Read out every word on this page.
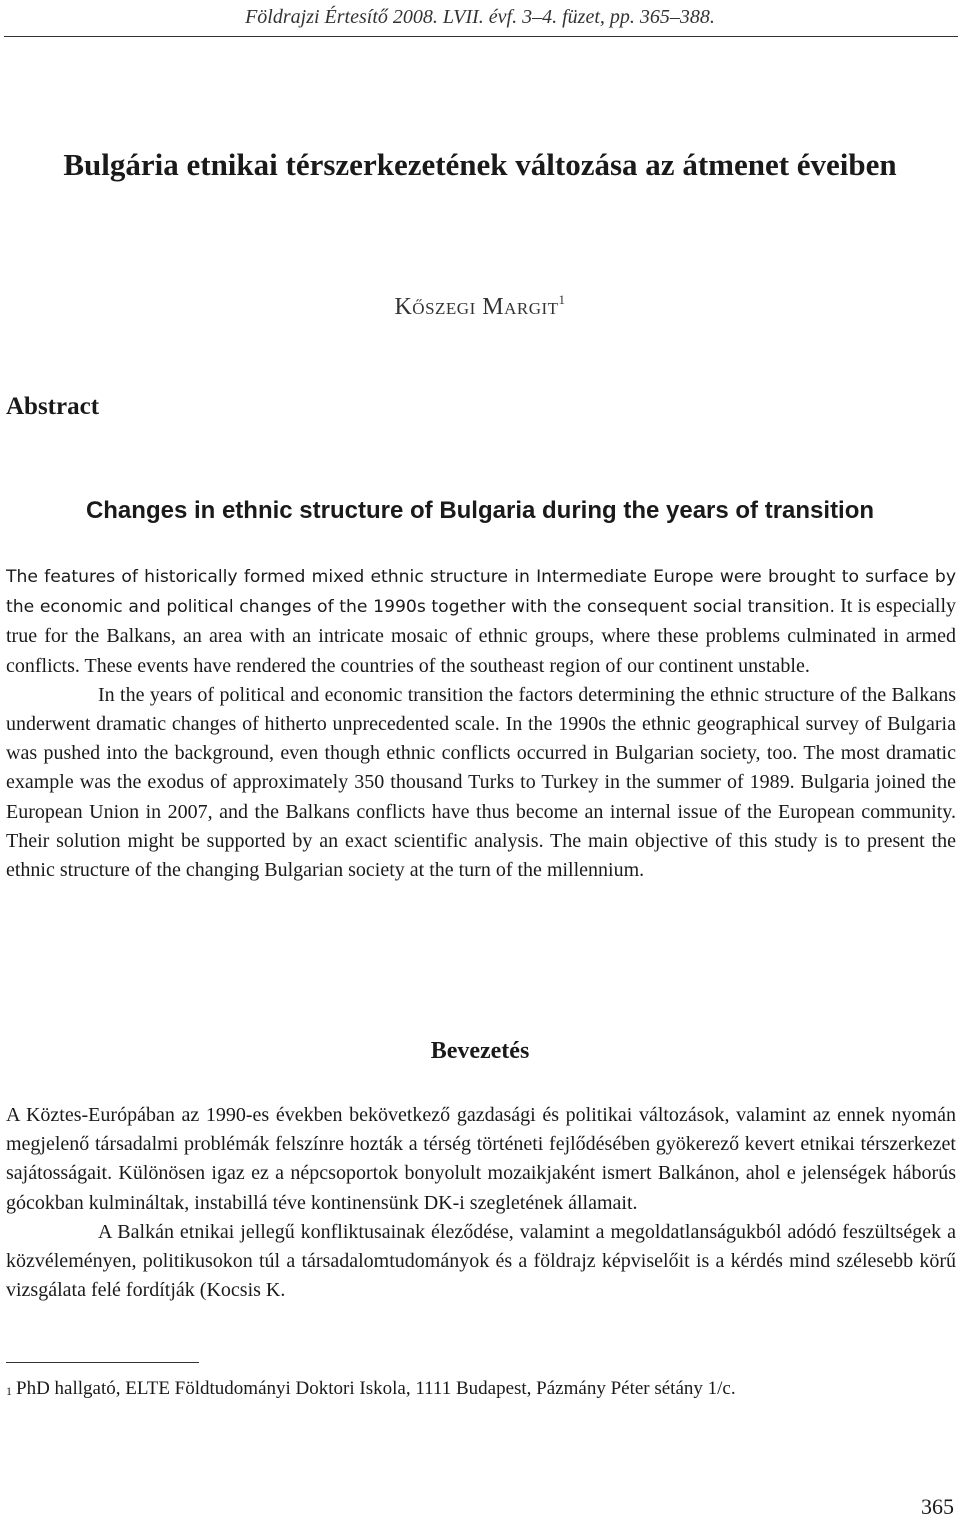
Földrajzi Értesítő 2008. LVII. évf. 3–4. füzet, pp. 365–388.
Bulgária etnikai térszerkezetének változása az átmenet éveiben
Kőszegi Margit$^1$
Abstract
Changes in ethnic structure of Bulgaria during the years of transition

The features of historically formed mixed ethnic structure in Intermediate Europe were brought to surface by the economic and political changes of the 1990s together with the consequent social transition. It is especially true for the Balkans, an area with an intricate mosaic of ethnic groups, where these problems culminated in armed conflicts. These events have rendered the countries of the southeast region of our continent unstable.

In the years of political and economic transition the factors determining the ethnic structure of the Balkans underwent dramatic changes of hitherto unprecedented scale. In the 1990s the ethnic geographical survey of Bulgaria was pushed into the background, even though ethnic conflicts occurred in Bulgarian society, too. The most dramatic example was the exodus of approximately 350 thousand Turks to Turkey in the summer of 1989. Bulgaria joined the European Union in 2007, and the Balkans conflicts have thus become an internal issue of the European community. Their solution might be supported by an exact scientific analysis. The main objective of this study is to present the ethnic structure of the changing Bulgarian society at the turn of the millennium.

Bevezetés

A Köztes-Európában az 1990-es években bekövetkező gazdasági és politikai változások, valamint az ennek nyomán megjelenő társadalmi problémák felszínre hozták a térség történeti fejlődésében gyökerező kevert etnikai térszerkezet sajátosságait. Különösen igaz ez a népcsoportok bonyolult mozaikjaként ismert Balkánon, ahol e jelenségek háborús gócokban kulmináltak, instabillá téve kontinensünk DK-i szegletének államait.

A Balkán etnikai jellegű konfliktusainak éleződése, valamint a megoldatlanságukból adódó feszültségek a közvéleményen, politikusokon túl a társadalomtudományok és a földrajz képviselőit is a kérdés mind szélesebb körű vizsgálata felé fordítják (Kocsis K.

$^1$ PhD hallgató, ELTE Földtudományi Doktori Iskola, 1111 Budapest, Pázmány Péter sétány 1/c.
365
